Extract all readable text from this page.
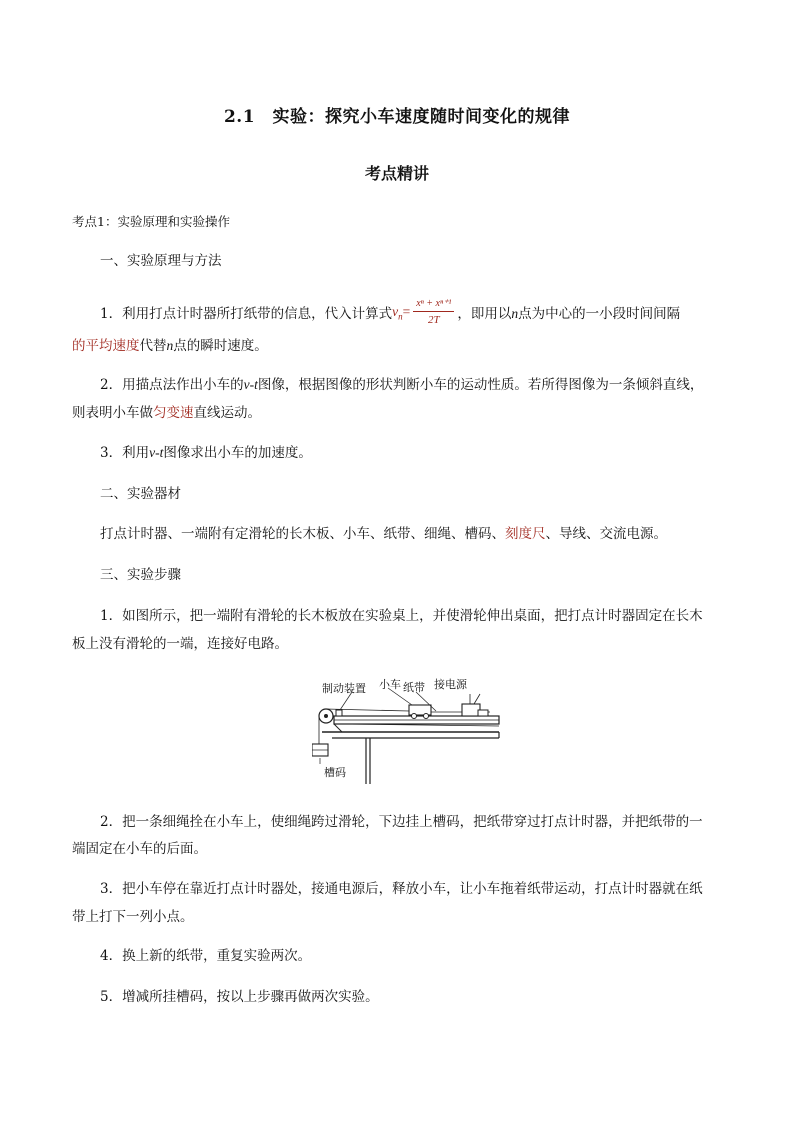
2.1　实验：探究小车速度随时间变化的规律
考点精讲
考点1：实验原理和实验操作
一、实验原理与方法
1．利用打点计时器所打纸带的信息，代入计算式$v_n= \frac{\text{xⁿ + xⁿ⁺¹}}{2T}$ ，即用以n点为中心的一小段时间间隔
的平均速度代替n点的瞬时速度。
2．用描点法作出小车的v-t图像，根据图像的形状判断小车的运动性质。若所得图像为一条倾斜直线，
则表明小车做匀变速直线运动。
3．利用v-t图像求出小车的加速度。
二、实验器材
打点计时器、一端附有定滑轮的长木板、小车、纸带、细绳、槽码、刻度尺、导线、交流电源。
三、实验步骤
1．如图所示，把一端附有滑轮的长木板放在实验桌上，并使滑轮伸出桌面，把打点计时器固定在长木
板上没有滑轮的一端，连接好电路。
制动装置 小车 纸带 接电源
槽码
2．把一条细绳拴在小车上，使细绳跨过滑轮，下边挂上槽码，把纸带穿过打点计时器，并把纸带的一
端固定在小车的后面。
3．把小车停在靠近打点计时器处，接通电源后，释放小车，让小车拖着纸带运动，打点计时器就在纸
带上打下一列小点。
4．换上新的纸带，重复实验两次。
5．增减所挂槽码，按以上步骤再做两次实验。
